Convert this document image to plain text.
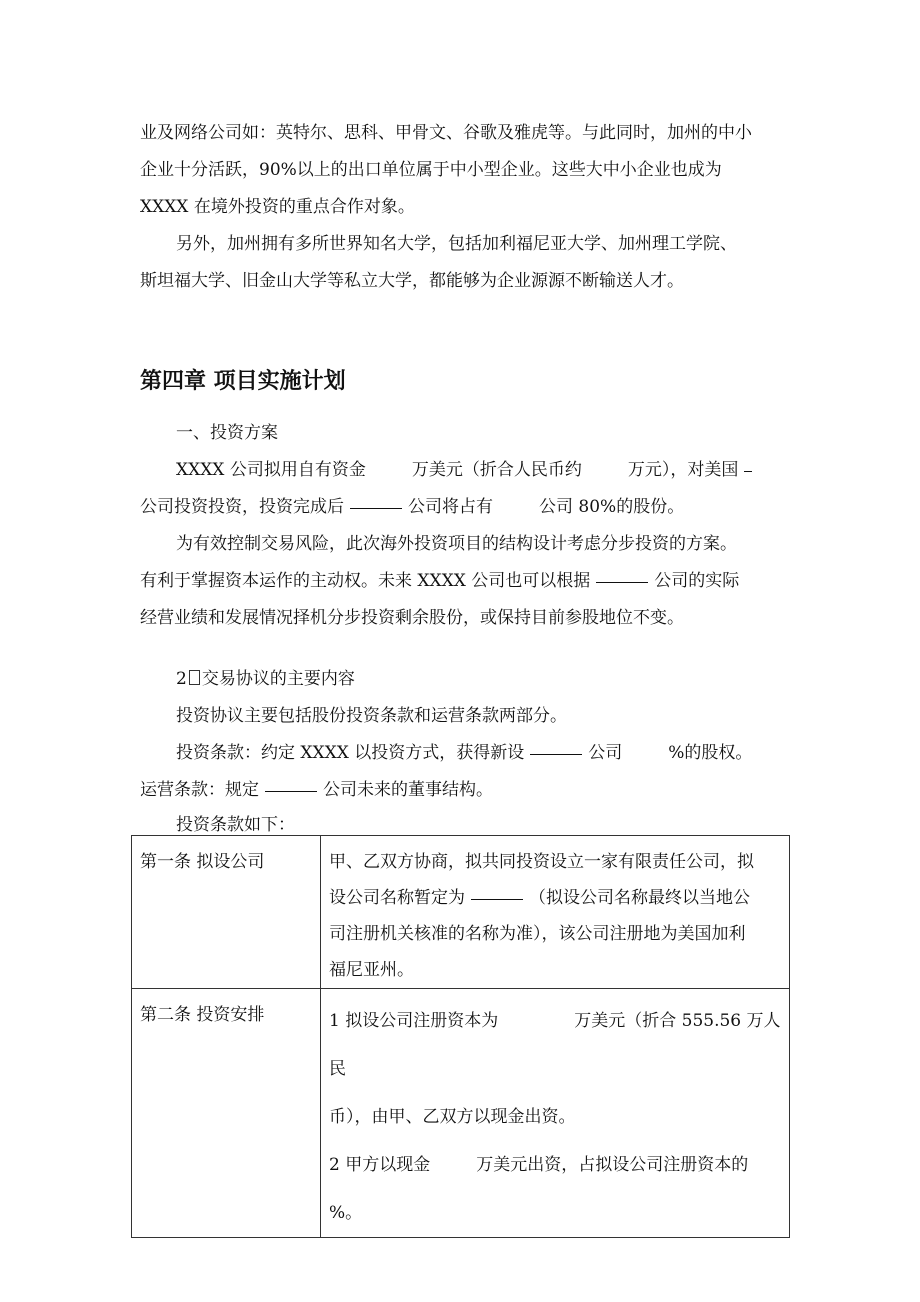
业及网络公司如：英特尔、思科、甲骨文、谷歌及雅虎等。与此同时，加州的中小
企业十分活跃，90%以上的出口单位属于中小型企业。这些大中小企业也成为
XXXX 在境外投资的重点合作对象。
另外，加州拥有多所世界知名大学，包括加利福尼亚大学、加州理工学院、
斯坦福大学、旧金山大学等私立大学，都能够为企业源源不断输送人才。
第四章 项目实施计划
一、投资方案
XXXX 公司拟用自有资金	万美元（折合人民币约	万元），对美国
公司投资投资，投资完成后	公司将占有	公司 80%的股份。
为有效控制交易风险，此次海外投资项目的结构设计考虑分步投资的方案。
有利于掌握资本运作的主动权。未来 XXXX 公司也可以根据	公司的实际
经营业绩和发展情况择机分步投资剩余股份，或保持目前参股地位不变。
2 交易协议的主要内容
投资协议主要包括股份投资条款和运营条款两部分。
投资条款：约定 XXXX 以投资方式，获得新设	公司	%的股权。
运营条款：规定	公司未来的董事结构。
投资条款如下：
第一条 拟设公司	甲、乙双方协商，拟共同投资设立一家有限责任公司，拟
设公司名称暂定为 （拟设公司名称最终以当地公
司注册机关核准的名称为准），该公司注册地为美国加利
福尼亚州。

第二条 投资安排	1 拟设公司注册资本为 万美元（折合 555.56 万人民
币），由甲、乙双方以现金出资。
2 甲方以现金 万美元出资，占拟设公司注册资本的
%。
